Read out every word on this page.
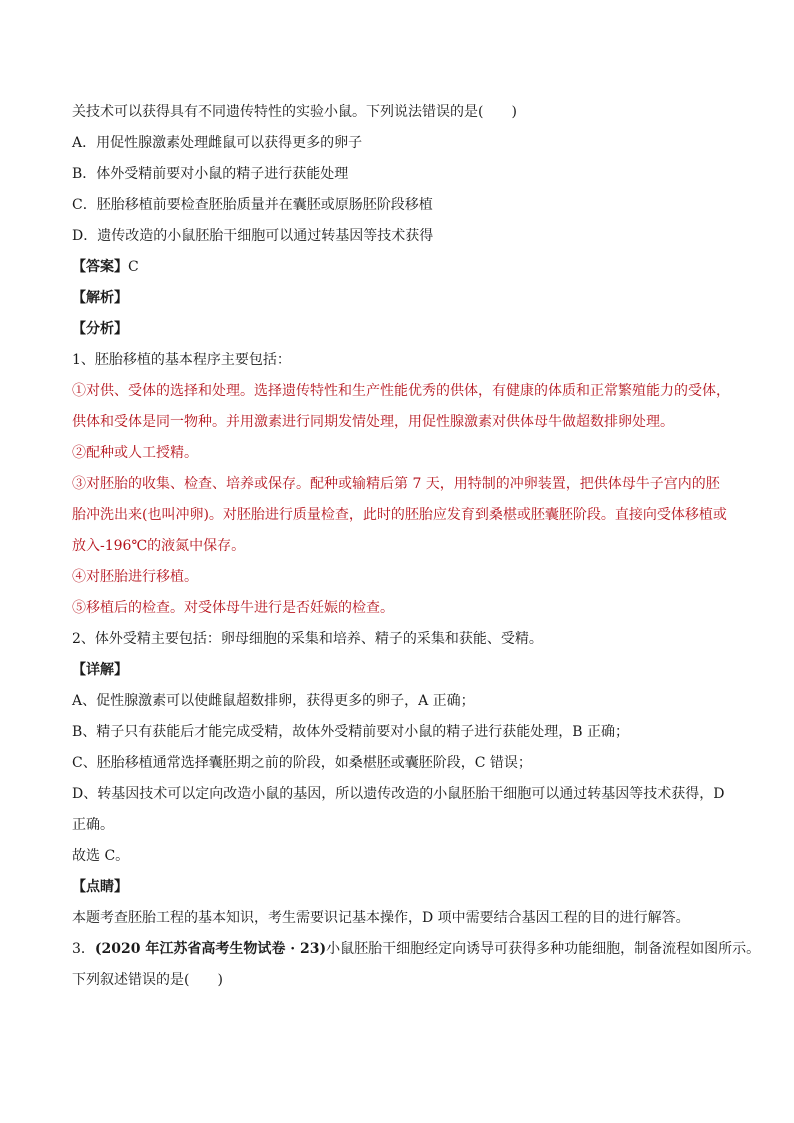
关技术可以获得具有不同遗传特性的实验小鼠。下列说法错误的是(　　)
A．用促性腺激素处理雌鼠可以获得更多的卵子
B．体外受精前要对小鼠的精子进行获能处理
C．胚胎移植前要检查胚胎质量并在囊胚或原肠胚阶段移植
D．遗传改造的小鼠胚胎干细胞可以通过转基因等技术获得
【答案】C
【解析】
【分析】
1、胚胎移植的基本程序主要包括：
①对供、受体的选择和处理。选择遗传特性和生产性能优秀的供体，有健康的体质和正常繁殖能力的受体，
供体和受体是同一物种。并用激素进行同期发情处理，用促性腺激素对供体母牛做超数排卵处理。
②配种或人工授精。
③对胚胎的收集、检查、培养或保存。配种或输精后第 7 天，用特制的冲卵装置，把供体母牛子宫内的胚
胎冲洗出来(也叫冲卵)。对胚胎进行质量检查，此时的胚胎应发育到桑椹或胚囊胚阶段。直接向受体移植或
放入-196℃的液氮中保存。
④对胚胎进行移植。
⑤移植后的检查。对受体母牛进行是否妊娠的检查。
2、体外受精主要包括：卵母细胞的采集和培养、精子的采集和获能、受精。
【详解】
A、促性腺激素可以使雌鼠超数排卵，获得更多的卵子，A 正确；
B、精子只有获能后才能完成受精，故体外受精前要对小鼠的精子进行获能处理，B 正确；
C、胚胎移植通常选择囊胚期之前的阶段，如桑椹胚或囊胚阶段，C 错误；
D、转基因技术可以定向改造小鼠的基因，所以遗传改造的小鼠胚胎干细胞可以通过转基因等技术获得，D
正确。
故选 C。
【点睛】
本题考查胚胎工程的基本知识，考生需要识记基本操作，D 项中需要结合基因工程的目的进行解答。
3．(2020 年江苏省高考生物试卷 · 23)小鼠胚胎干细胞经定向诱导可获得多种功能细胞，制备流程如图所示。
下列叙述错误的是(　　)
